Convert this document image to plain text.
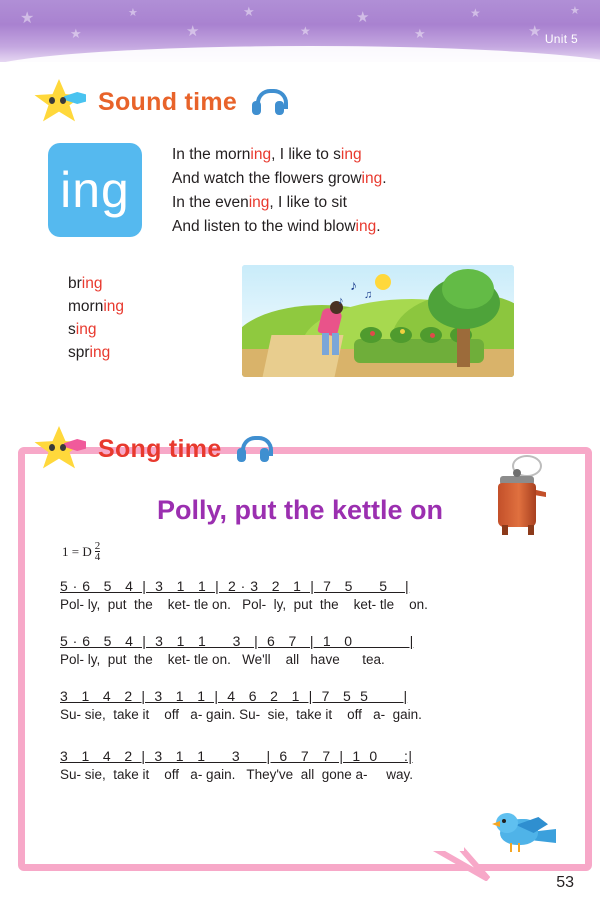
★
★
★
★
★
★
★
★
★
★
★
Unit 5
Sound time
ing
In the morning, I like to sing
And watch the flowers growing.
In the evening, I like to sit
And listen to the wind blowing.
bring
morning
sing
spring
♪
♫
♪
Song time
Polly, put the kettle on
1 = D $\frac{2}{4}$
5 · 6   5   4  |  3   1   1  |  2 · 3   2   1  |  7   5      5    |
Pol- ly,  put  the    ket- tle on.   Pol-  ly,  put  the    ket- tle    on.
5 · 6   5   4  |  3   1   1      3   |  6   7   |  1   0             |
Pol- ly,  put  the    ket- tle on.   We'll    all   have      tea.
3   1   4   2  |  3   1   1  |  4   6   2   1  |  7   5  5        |
Su- sie,  take it    off   a- gain. Su-  sie,  take it    off   a-  gain.
3   1   4   2  |  3   1   1      3      |  6   7   7  |  1  0      :|
Su- sie,  take it    off   a- gain.   They've  all  gone a-     way.
53
